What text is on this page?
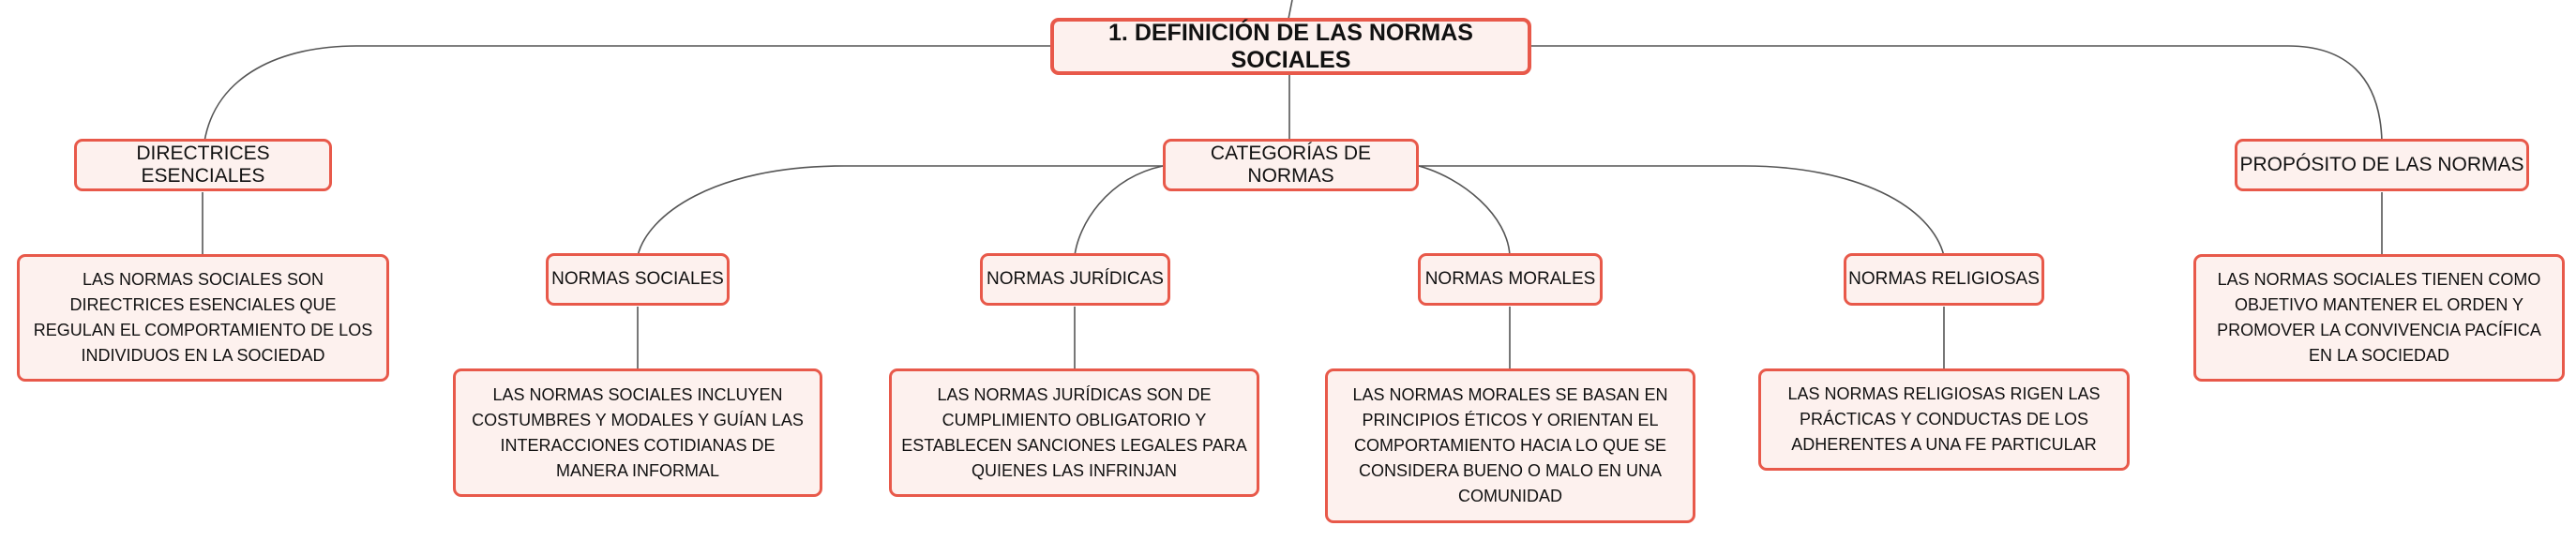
1. DEFINICIÓN DE LAS NORMAS SOCIALES
DIRECTRICES ESENCIALES
CATEGORÍAS DE NORMAS
PROPÓSITO DE LAS NORMAS
LAS NORMAS SOCIALES SON DIRECTRICES ESENCIALES QUE REGULAN EL COMPORTAMIENTO DE LOS INDIVIDUOS EN LA SOCIEDAD
LAS NORMAS SOCIALES TIENEN COMO OBJETIVO MANTENER EL ORDEN Y PROMOVER LA CONVIVENCIA PACÍFICA EN LA SOCIEDAD
NORMAS SOCIALES	NORMAS JURÍDICAS	NORMAS MORALES	NORMAS RELIGIOSAS
LAS NORMAS SOCIALES INCLUYEN COSTUMBRES Y MODALES Y GUÍAN LAS INTERACCIONES COTIDIANAS DE MANERA INFORMAL
LAS NORMAS JURÍDICAS SON DE CUMPLIMIENTO OBLIGATORIO Y ESTABLECEN SANCIONES LEGALES PARA QUIENES LAS INFRINJAN
LAS NORMAS MORALES SE BASAN EN PRINCIPIOS ÉTICOS Y ORIENTAN EL COMPORTAMIENTO HACIA LO QUE SE CONSIDERA BUENO O MALO EN UNA COMUNIDAD
LAS NORMAS RELIGIOSAS RIGEN LAS PRÁCTICAS Y CONDUCTAS DE LOS ADHERENTES A UNA FE PARTICULAR
